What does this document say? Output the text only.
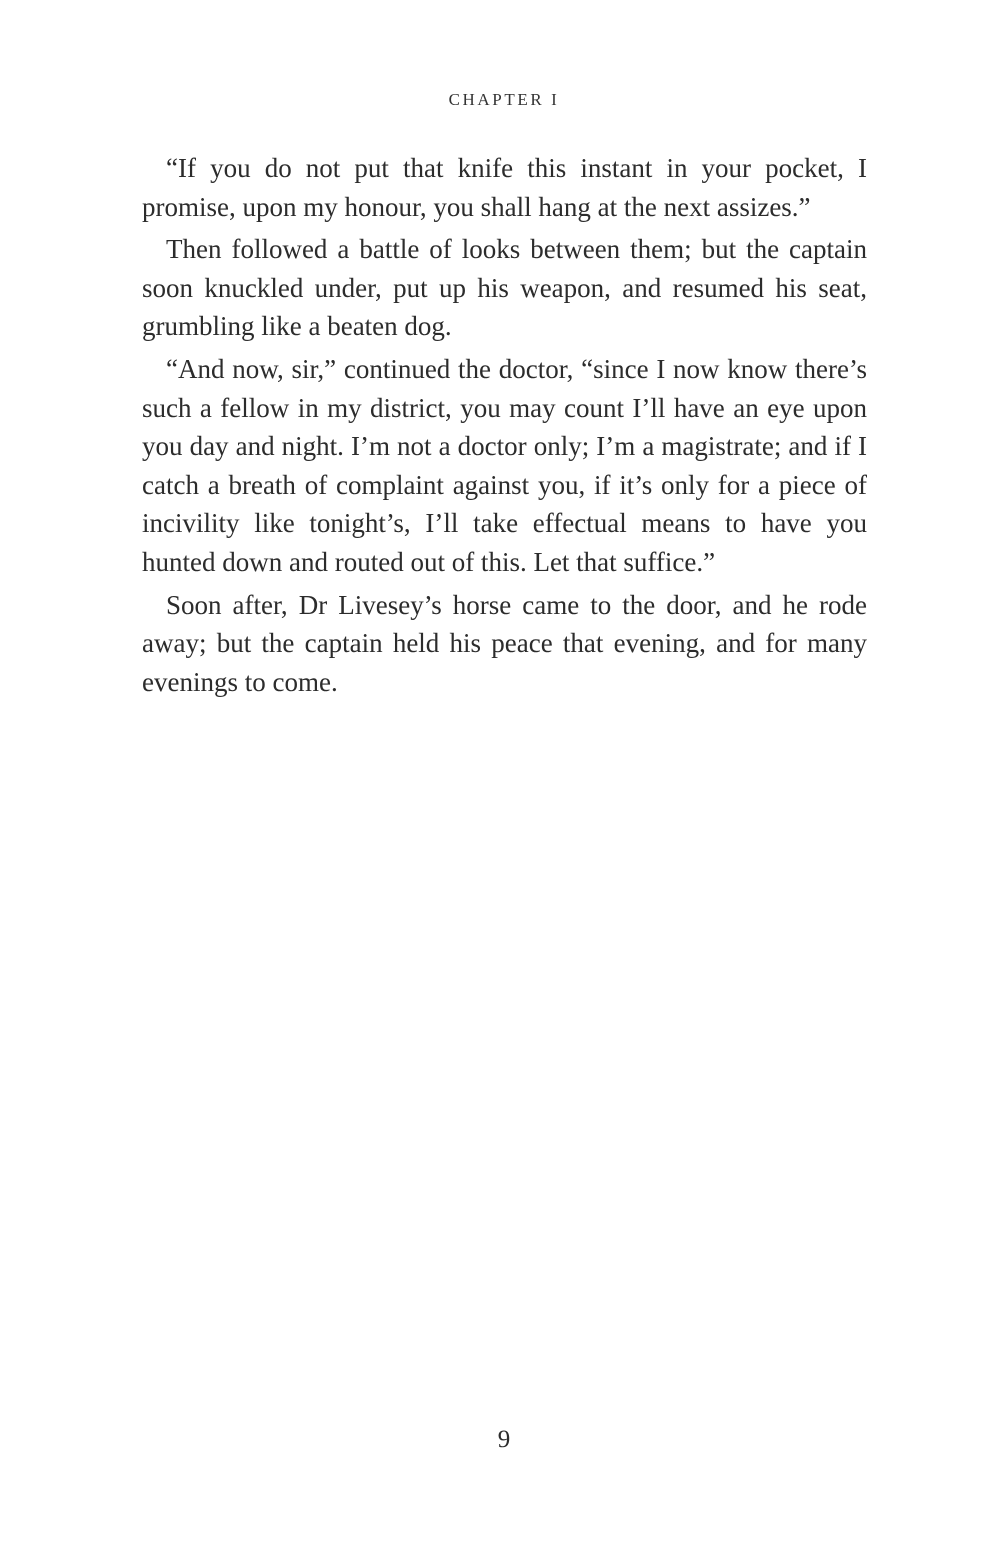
CHAPTER I

“If you do not put that knife this instant in your pocket, I promise, upon my honour, you shall hang at the next assizes.”

Then followed a battle of looks between them; but the captain soon knuckled under, put up his weapon, and resumed his seat, grumbling like a beaten dog.

“And now, sir,” continued the doctor, “since I now know there’s such a fellow in my district, you may count I’ll have an eye upon you day and night. I’m not a doctor only; I’m a magistrate; and if I catch a breath of complaint against you, if it’s only for a piece of incivility like tonight’s, I’ll take effectual means to have you hunted down and routed out of this. Let that suffice.”

Soon after, Dr Livesey’s horse came to the door, and he rode away; but the captain held his peace that evening, and for many evenings to come.

9
